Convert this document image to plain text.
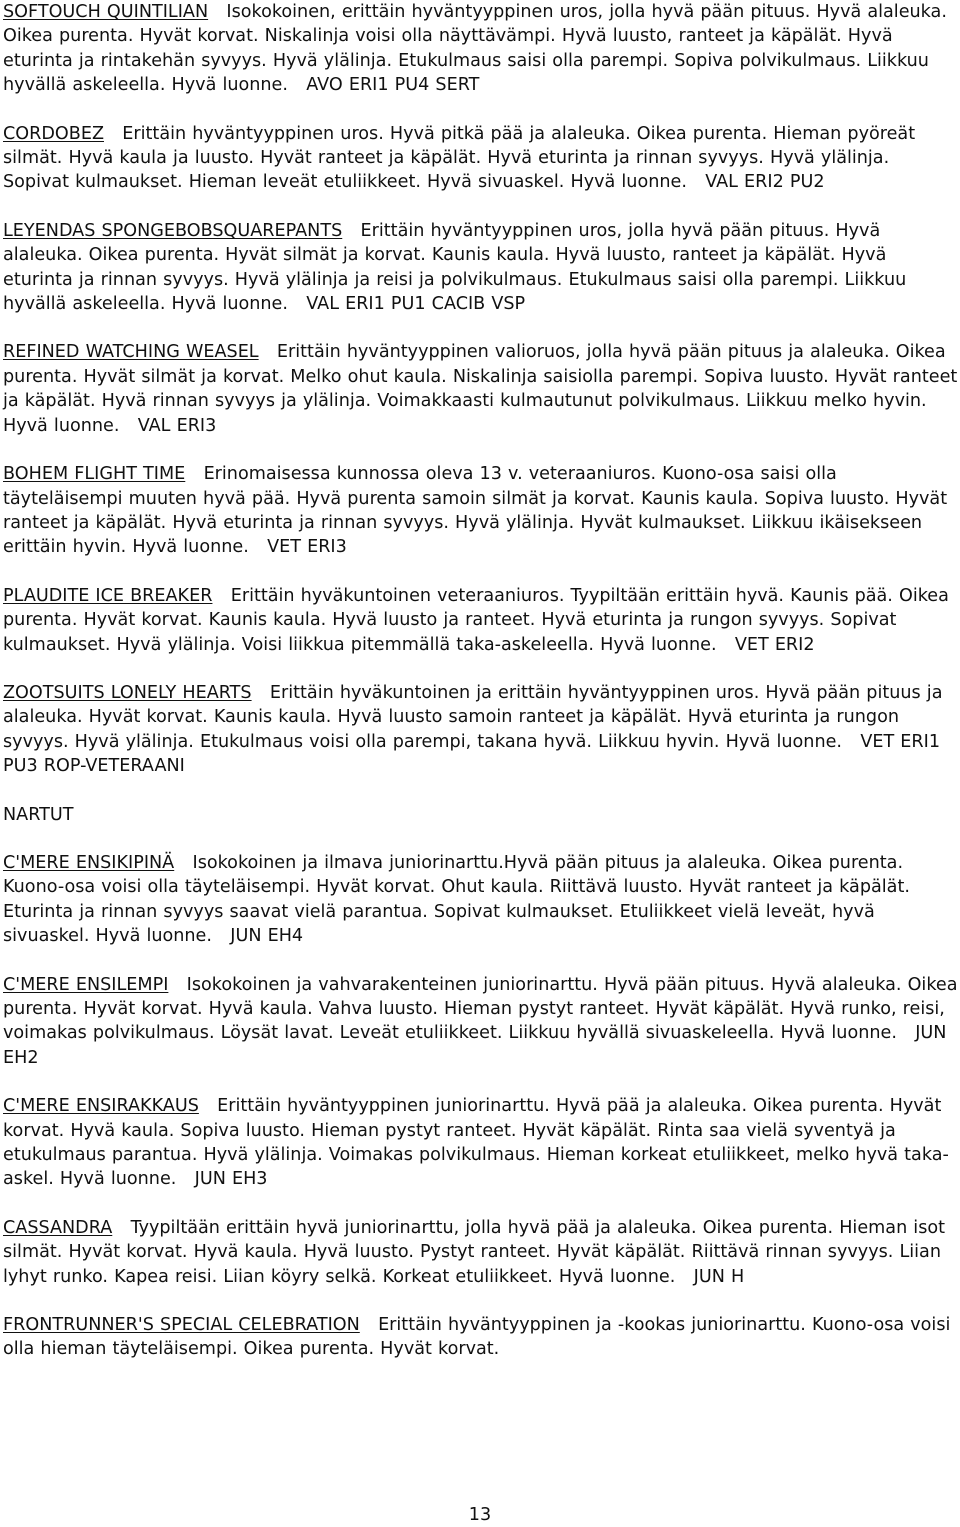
SOFTOUCH QUINTILIAN Isokokoinen, erittäin hyväntyyppinen uros, jolla hyvä pään pituus. Hyvä alaleuka. Oikea purenta. Hyvät korvat. Niskalinja voisi olla näyttävämpi. Hyvä luusto, ranteet ja käpälät. Hyvä eturinta ja rintakehän syvyys. Hyvä ylälinja. Etukulmaus saisi olla parempi. Sopiva polvikulmaus. Liikkuu hyvällä askeleella. Hyvä luonne. AVO ERI1 PU4 SERT

CORDOBEZ Erittäin hyväntyyppinen uros. Hyvä pitkä pää ja alaleuka. Oikea purenta. Hieman pyöreät silmät. Hyvä kaula ja luusto. Hyvät ranteet ja käpälät. Hyvä eturinta ja rinnan syvyys. Hyvä ylälinja. Sopivat kulmaukset. Hieman leveät etuliikkeet. Hyvä sivuaskel. Hyvä luonne. VAL ERI2 PU2

LEYENDAS SPONGEBOBSQUAREPANTS Erittäin hyväntyyppinen uros, jolla hyvä pään pituus. Hyvä alaleuka. Oikea purenta. Hyvät silmät ja korvat. Kaunis kaula. Hyvä luusto, ranteet ja käpälät. Hyvä eturinta ja rinnan syvyys. Hyvä ylälinja ja reisi ja polvikulmaus. Etukulmaus saisi olla parempi. Liikkuu hyvällä askeleella. Hyvä luonne. VAL ERI1 PU1 CACIB VSP

REFINED WATCHING WEASEL Erittäin hyväntyyppinen valioruos, jolla hyvä pään pituus ja alaleuka. Oikea purenta. Hyvät silmät ja korvat. Melko ohut kaula. Niskalinja saisiolla parempi. Sopiva luusto. Hyvät ranteet ja käpälät. Hyvä rinnan syvyys ja ylälinja. Voimakkaasti kulmautunut polvikulmaus. Liikkuu melko hyvin. Hyvä luonne. VAL ERI3

BOHEM FLIGHT TIME Erinomaisessa kunnossa oleva 13 v. veteraaniuros. Kuono-osa saisi olla täyteläisempi muuten hyvä pää. Hyvä purenta samoin silmät ja korvat. Kaunis kaula. Sopiva luusto. Hyvät ranteet ja käpälät. Hyvä eturinta ja rinnan syvyys. Hyvä ylälinja. Hyvät kulmaukset. Liikkuu ikäisekseen erittäin hyvin. Hyvä luonne. VET ERI3

PLAUDITE ICE BREAKER Erittäin hyväkuntoinen veteraaniuros. Tyypiltään erittäin hyvä. Kaunis pää. Oikea purenta. Hyvät korvat. Kaunis kaula. Hyvä luusto ja ranteet. Hyvä eturinta ja rungon syvyys. Sopivat kulmaukset. Hyvä ylälinja. Voisi liikkua pitemmällä taka-askeleella. Hyvä luonne. VET ERI2

ZOOTSUITS LONELY HEARTS Erittäin hyväkuntoinen ja erittäin hyväntyyppinen uros. Hyvä pään pituus ja alaleuka. Hyvät korvat. Kaunis kaula. Hyvä luusto samoin ranteet ja käpälät. Hyvä eturinta ja rungon syvyys. Hyvä ylälinja. Etukulmaus voisi olla parempi, takana hyvä. Liikkuu hyvin. Hyvä luonne. VET ERI1 PU3 ROP-VETERAANI

NARTUT

C'MERE ENSIKIPINÄ Isokokoinen ja ilmava juniorinarttu.Hyvä pään pituus ja alaleuka. Oikea purenta. Kuono-osa voisi olla täyteläisempi. Hyvät korvat. Ohut kaula. Riittävä luusto. Hyvät ranteet ja käpälät. Eturinta ja rinnan syvyys saavat vielä parantua. Sopivat kulmaukset. Etuliikkeet vielä leveät, hyvä sivuaskel. Hyvä luonne. JUN EH4

C'MERE ENSILEMPI Isokokoinen ja vahvarakenteinen juniorinarttu. Hyvä pään pituus. Hyvä alaleuka. Oikea purenta. Hyvät korvat. Hyvä kaula. Vahva luusto. Hieman pystyt ranteet. Hyvät käpälät. Hyvä runko, reisi, voimakas polvikulmaus. Löysät lavat. Leveät etuliikkeet. Liikkuu hyvällä sivuaskeleella. Hyvä luonne. JUN EH2

C'MERE ENSIRAKKAUS Erittäin hyväntyyppinen juniorinarttu. Hyvä pää ja alaleuka. Oikea purenta. Hyvät korvat. Hyvä kaula. Sopiva luusto. Hieman pystyt ranteet. Hyvät käpälät. Rinta saa vielä syventyä ja etukulmaus parantua. Hyvä ylälinja. Voimakas polvikulmaus. Hieman korkeat etuliikkeet, melko hyvä taka-askel. Hyvä luonne. JUN EH3

CASSANDRA Tyypiltään erittäin hyvä juniorinarttu, jolla hyvä pää ja alaleuka. Oikea purenta. Hieman isot silmät. Hyvät korvat. Hyvä kaula. Hyvä luusto. Pystyt ranteet. Hyvät käpälät. Riittävä rinnan syvyys. Liian lyhyt runko. Kapea reisi. Liian köyry selkä. Korkeat etuliikkeet. Hyvä luonne. JUN H

FRONTRUNNER'S SPECIAL CELEBRATION Erittäin hyväntyyppinen ja -kookas juniorinarttu. Kuono-osa voisi olla hieman täyteläisempi. Oikea purenta. Hyvät korvat.

13
